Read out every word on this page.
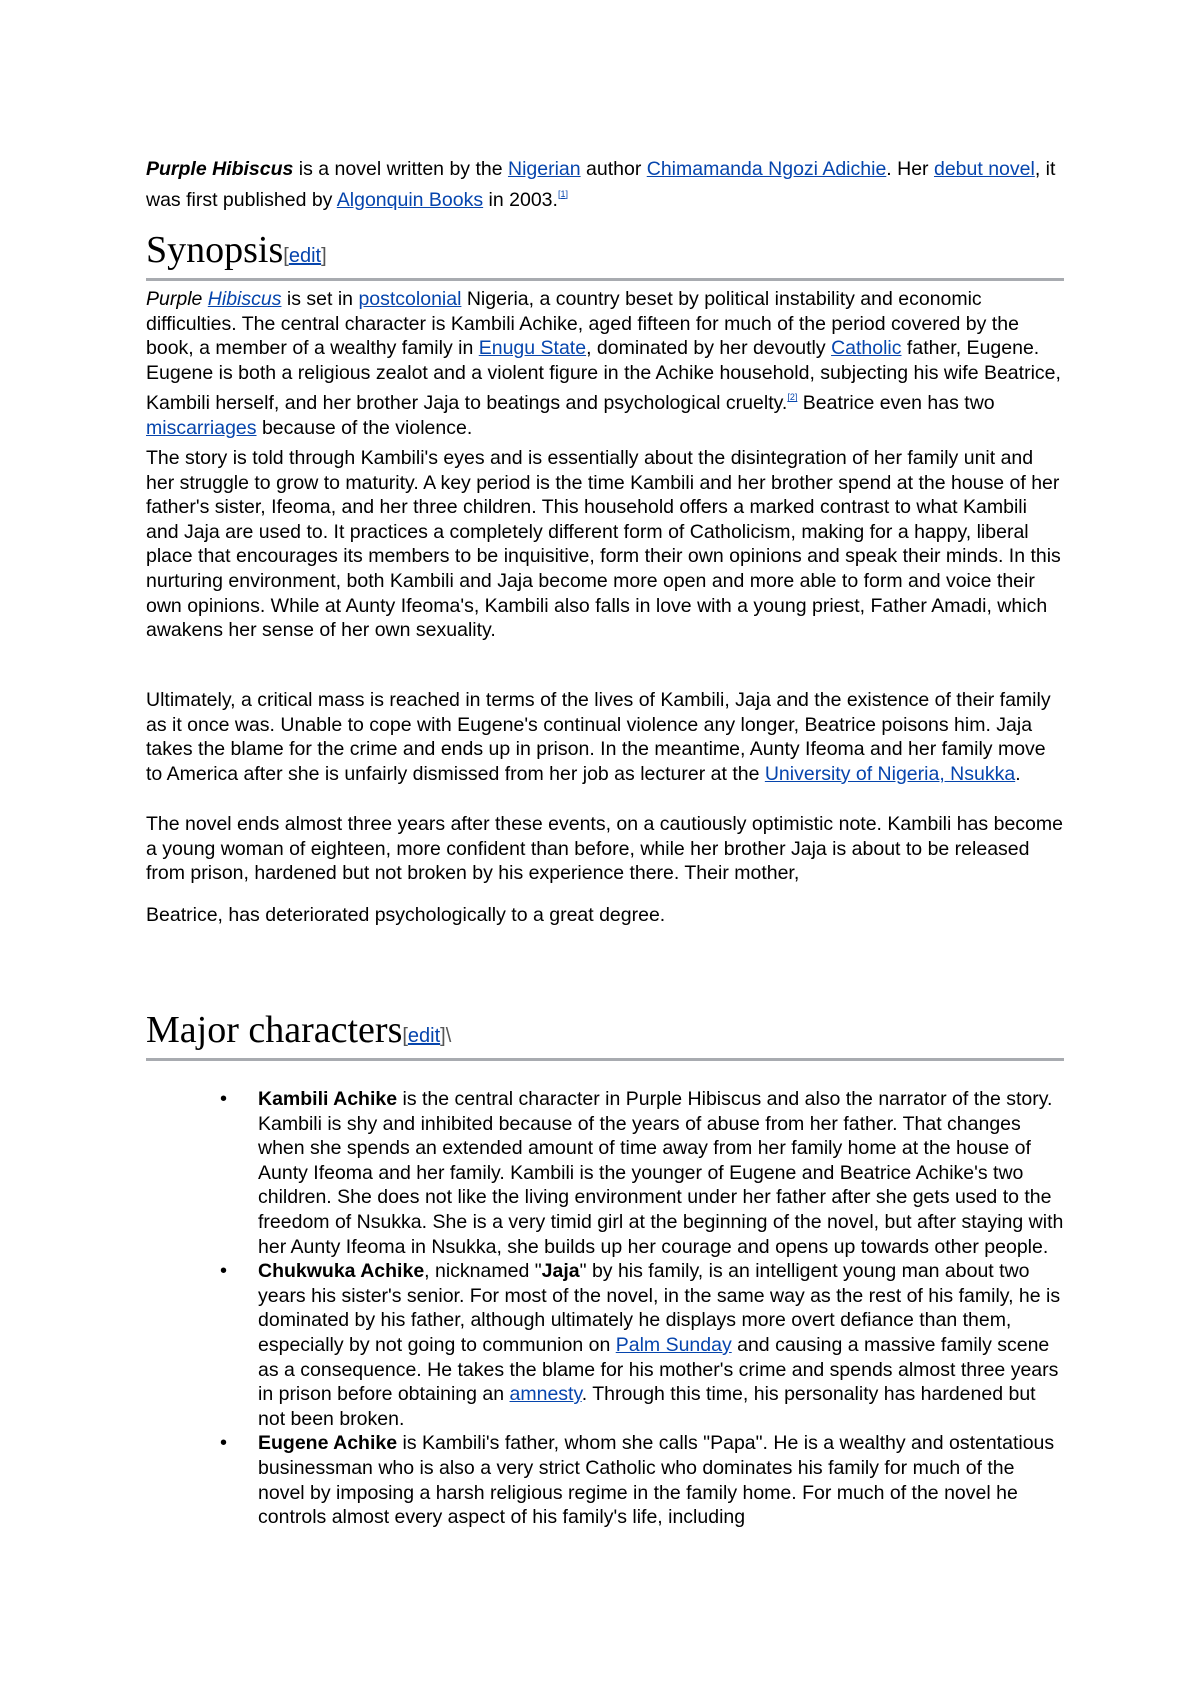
Purple Hibiscus is a novel written by the Nigerian author Chimamanda Ngozi Adichie. Her debut novel, it was first published by Algonquin Books in 2003.[1]

Synopsis[edit]

Purple Hibiscus is set in postcolonial Nigeria, a country beset by political instability and economic difficulties. The central character is Kambili Achike, aged fifteen for much of the period covered by the book, a member of a wealthy family in Enugu State, dominated by her devoutly Catholic father, Eugene. Eugene is both a religious zealot and a violent figure in the Achike household, subjecting his wife Beatrice, Kambili herself, and her brother Jaja to beatings and psychological cruelty.[2] Beatrice even has two miscarriages because of the violence.

The story is told through Kambili's eyes and is essentially about the disintegration of her family unit and her struggle to grow to maturity. A key period is the time Kambili and her brother spend at the house of her father's sister, Ifeoma, and her three children. This household offers a marked contrast to what Kambili and Jaja are used to. It practices a completely different form of Catholicism, making for a happy, liberal place that encourages its members to be inquisitive, form their own opinions and speak their minds. In this nurturing environment, both Kambili and Jaja become more open and more able to form and voice their own opinions. While at Aunty Ifeoma's, Kambili also falls in love with a young priest, Father Amadi, which awakens her sense of her own sexuality.

Ultimately, a critical mass is reached in terms of the lives of Kambili, Jaja and the existence of their family as it once was. Unable to cope with Eugene's continual violence any longer, Beatrice poisons him. Jaja takes the blame for the crime and ends up in prison. In the meantime, Aunty Ifeoma and her family move to America after she is unfairly dismissed from her job as lecturer at the University of Nigeria, Nsukka.

The novel ends almost three years after these events, on a cautiously optimistic note. Kambili has become a young woman of eighteen, more confident than before, while her brother Jaja is about to be released from prison, hardened but not broken by his experience there. Their mother,

Beatrice, has deteriorated psychologically to a great degree.

Major characters[edit]\
• Kambili Achike is the central character in Purple Hibiscus and also the narrator of the story. Kambili is shy and inhibited because of the years of abuse from her father. That changes when she spends an extended amount of time away from her family home at the house of Aunty Ifeoma and her family. Kambili is the younger of Eugene and Beatrice Achike's two children. She does not like the living environment under her father after she gets used to the freedom of Nsukka. She is a very timid girl at the beginning of the novel, but after staying with her Aunty Ifeoma in Nsukka, she builds up her courage and opens up towards other people.
• Chukwuka Achike, nicknamed "Jaja" by his family, is an intelligent young man about two years his sister's senior. For most of the novel, in the same way as the rest of his family, he is dominated by his father, although ultimately he displays more overt defiance than them, especially by not going to communion on Palm Sunday and causing a massive family scene as a consequence. He takes the blame for his mother's crime and spends almost three years in prison before obtaining an amnesty. Through this time, his personality has hardened but not been broken.
• Eugene Achike is Kambili's father, whom she calls "Papa". He is a wealthy and ostentatious businessman who is also a very strict Catholic who dominates his family for much of the novel by imposing a harsh religious regime in the family home. For much of the novel he controls almost every aspect of his family's life, including
